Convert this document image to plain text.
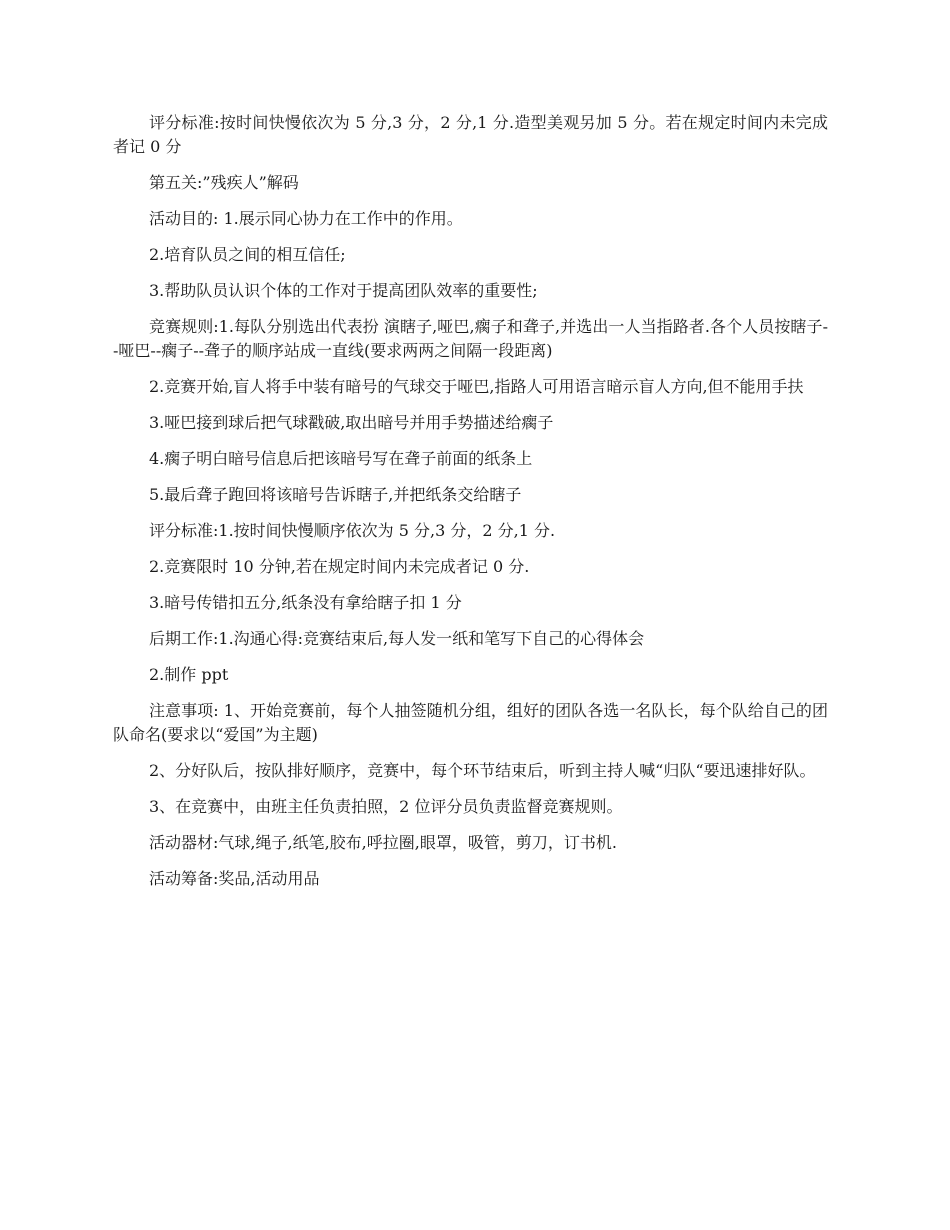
评分标准:按时间快慢依次为 5 分,3 分，2 分,1 分.造型美观另加 5 分。若在规定时间内未完成者记 0 分

第五关:”残疾人”解码

活动目的: 1.展示同心协力在工作中的作用。

2.培育队员之间的相互信任;

3.帮助队员认识个体的工作对于提高团队效率的重要性;

竞赛规则:1.每队分别选出代表扮 演瞎子,哑巴,瘸子和聋子,并选出一人当指路者.各个人员按瞎子--哑巴--瘸子--聋子的顺序站成一直线(要求两两之间隔一段距离)

2.竞赛开始,盲人将手中装有暗号的气球交于哑巴,指路人可用语言暗示盲人方向,但不能用手扶

3.哑巴接到球后把气球戳破,取出暗号并用手势描述给瘸子

4.瘸子明白暗号信息后把该暗号写在聋子前面的纸条上

5.最后聋子跑回将该暗号告诉瞎子,并把纸条交给瞎子

评分标准:1.按时间快慢顺序依次为 5 分,3 分，2 分,1 分.

2.竞赛限时 10 分钟,若在规定时间内未完成者记 0 分.

3.暗号传错扣五分,纸条没有拿给瞎子扣 1 分

后期工作:1.沟通心得:竞赛结束后,每人发一纸和笔写下自己的心得体会

2.制作 ppt

注意事项: 1、开始竞赛前，每个人抽签随机分组，组好的团队各选一名队长，每个队给自己的团队命名(要求以“爱国”为主题)

2、分好队后，按队排好顺序，竞赛中，每个环节结束后，听到主持人喊“归队“要迅速排好队。

3、在竞赛中，由班主任负责拍照，2 位评分员负责监督竞赛规则。

活动器材:气球,绳子,纸笔,胶布,呼拉圈,眼罩，吸管，剪刀，订书机.

活动筹备:奖品,活动用品
